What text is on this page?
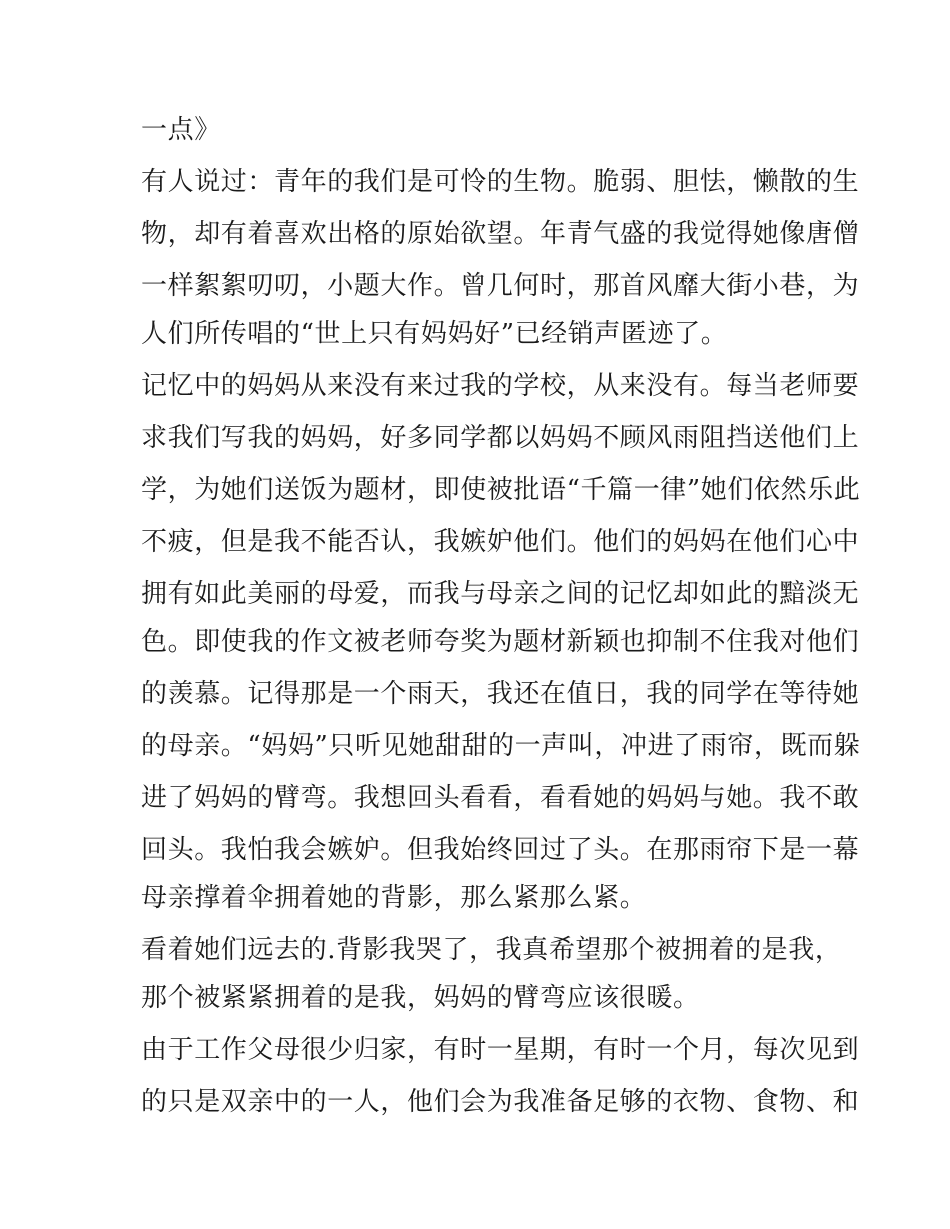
一点》
有人说过：青年的我们是可怜的生物。脆弱、胆怯，懒散的生
物，却有着喜欢出格的原始欲望。年青气盛的我觉得她像唐僧
一样絮絮叨叨，小题大作。曾几何时，那首风靡大街小巷，为
人们所传唱的“世上只有妈妈好”已经销声匿迹了。
记忆中的妈妈从来没有来过我的学校，从来没有。每当老师要
求我们写我的妈妈，好多同学都以妈妈不顾风雨阻挡送他们上
学，为她们送饭为题材，即使被批语“千篇一律”她们依然乐此
不疲，但是我不能否认，我嫉妒他们。他们的妈妈在他们心中
拥有如此美丽的母爱，而我与母亲之间的记忆却如此的黯淡无
色。即使我的作文被老师夸奖为题材新颖也抑制不住我对他们
的羡慕。记得那是一个雨天，我还在值日，我的同学在等待她
的母亲。“妈妈”只听见她甜甜的一声叫，冲进了雨帘，既而躲
进了妈妈的臂弯。我想回头看看，看看她的妈妈与她。我不敢
回头。我怕我会嫉妒。但我始终回过了头。在那雨帘下是一幕
母亲撑着伞拥着她的背影，那么紧那么紧。
看着她们远去的.背影我哭了，我真希望那个被拥着的是我，
那个被紧紧拥着的是我，妈妈的臂弯应该很暖。
由于工作父母很少归家，有时一星期，有时一个月，每次见到
的只是双亲中的一人，他们会为我准备足够的衣物、食物、和
